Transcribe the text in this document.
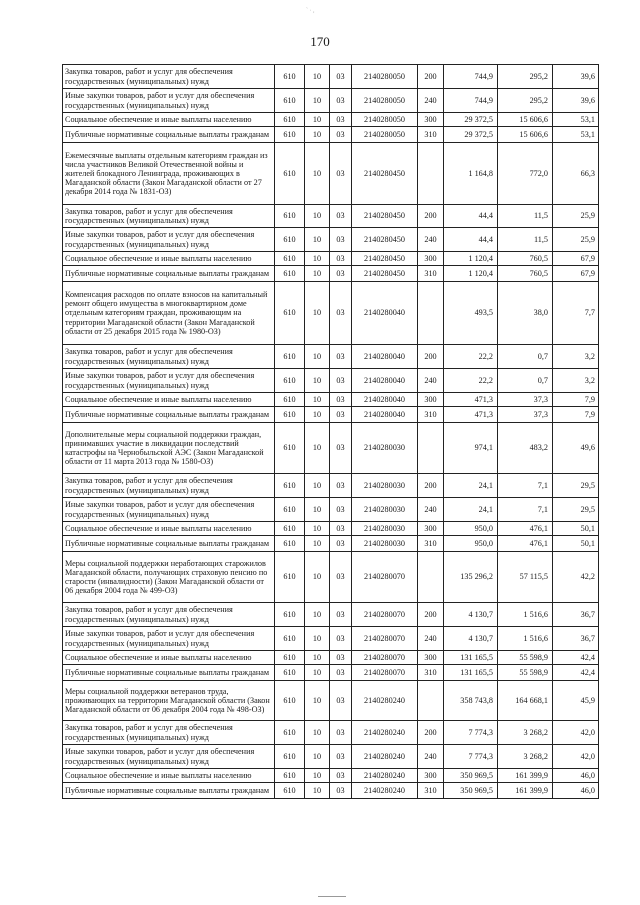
` · ,
170
Закупка товаров, работ и услуг для обеспечения государственных (муниципальных) нужд	610	10	03	2140280050	200	744,9	295,2	39,6
Иные закупки товаров, работ и услуг для обеспечения государственных (муниципальных) нужд	610	10	03	2140280050	240	744,9	295,2	39,6
Социальное обеспечение и иные выплаты населению	610	10	03	2140280050	300	29 372,5	15 606,6	53,1
Публичные нормативные социальные выплаты гражданам	610	10	03	2140280050	310	29 372,5	15 606,6	53,1
Ежемесячные выплаты отдельным категориям граждан из числа участников Великой Отечественной войны и жителей блокадного Ленинграда, проживающих в Магаданской области (Закон Магаданской области от 27 декабря 2014 года № 1831-ОЗ)	610	10	03	2140280450		1 164,8	772,0	66,3
Закупка товаров, работ и услуг для обеспечения государственных (муниципальных) нужд	610	10	03	2140280450	200	44,4	11,5	25,9
Иные закупки товаров, работ и услуг для обеспечения государственных (муниципальных) нужд	610	10	03	2140280450	240	44,4	11,5	25,9
Социальное обеспечение и иные выплаты населению	610	10	03	2140280450	300	1 120,4	760,5	67,9
Публичные нормативные социальные выплаты гражданам	610	10	03	2140280450	310	1 120,4	760,5	67,9
Компенсация расходов по оплате взносов на капитальный ремонт общего имущества в многоквартирном доме отдельным категориям граждан, проживающим на территории Магаданской области (Закон Магаданской области от 25 декабря 2015 года № 1980-ОЗ)	610	10	03	2140280040		493,5	38,0	7,7
Закупка товаров, работ и услуг для обеспечения государственных (муниципальных) нужд	610	10	03	2140280040	200	22,2	0,7	3,2
Иные закупки товаров, работ и услуг для обеспечения государственных (муниципальных) нужд	610	10	03	2140280040	240	22,2	0,7	3,2
Социальное обеспечение и иные выплаты населению	610	10	03	2140280040	300	471,3	37,3	7,9
Публичные нормативные социальные выплаты гражданам	610	10	03	2140280040	310	471,3	37,3	7,9
Дополнительные меры социальной поддержки граждан, принимавших участие в ликвидации последствий катастрофы на Чернобыльской АЭС (Закон Магаданской области от 11 марта 2013 года № 1580-ОЗ)	610	10	03	2140280030		974,1	483,2	49,6
Закупка товаров, работ и услуг для обеспечения государственных (муниципальных) нужд	610	10	03	2140280030	200	24,1	7,1	29,5
Иные закупки товаров, работ и услуг для обеспечения государственных (муниципальных) нужд	610	10	03	2140280030	240	24,1	7,1	29,5
Социальное обеспечение и иные выплаты населению	610	10	03	2140280030	300	950,0	476,1	50,1
Публичные нормативные социальные выплаты гражданам	610	10	03	2140280030	310	950,0	476,1	50,1
Меры социальной поддержки неработающих старожилов Магаданской области, получающих страховую пенсию по старости (инвалидности) (Закон Магаданской области от 06 декабря 2004 года № 499-ОЗ)	610	10	03	2140280070		135 296,2	57 115,5	42,2
Закупка товаров, работ и услуг для обеспечения государственных (муниципальных) нужд	610	10	03	2140280070	200	4 130,7	1 516,6	36,7
Иные закупки товаров, работ и услуг для обеспечения государственных (муниципальных) нужд	610	10	03	2140280070	240	4 130,7	1 516,6	36,7
Социальное обеспечение и иные выплаты населению	610	10	03	2140280070	300	131 165,5	55 598,9	42,4
Публичные нормативные социальные выплаты гражданам	610	10	03	2140280070	310	131 165,5	55 598,9	42,4
Меры социальной поддержки ветеранов труда, проживающих на территории Магаданской области (Закон Магаданской области от 06 декабря 2004 года № 498-ОЗ)	610	10	03	2140280240		358 743,8	164 668,1	45,9
Закупка товаров, работ и услуг для обеспечения государственных (муниципальных) нужд	610	10	03	2140280240	200	7 774,3	3 268,2	42,0
Иные закупки товаров, работ и услуг для обеспечения государственных (муниципальных) нужд	610	10	03	2140280240	240	7 774,3	3 268,2	42,0
Социальное обеспечение и иные выплаты населению	610	10	03	2140280240	300	350 969,5	161 399,9	46,0
Публичные нормативные социальные выплаты гражданам	610	10	03	2140280240	310	350 969,5	161 399,9	46,0
